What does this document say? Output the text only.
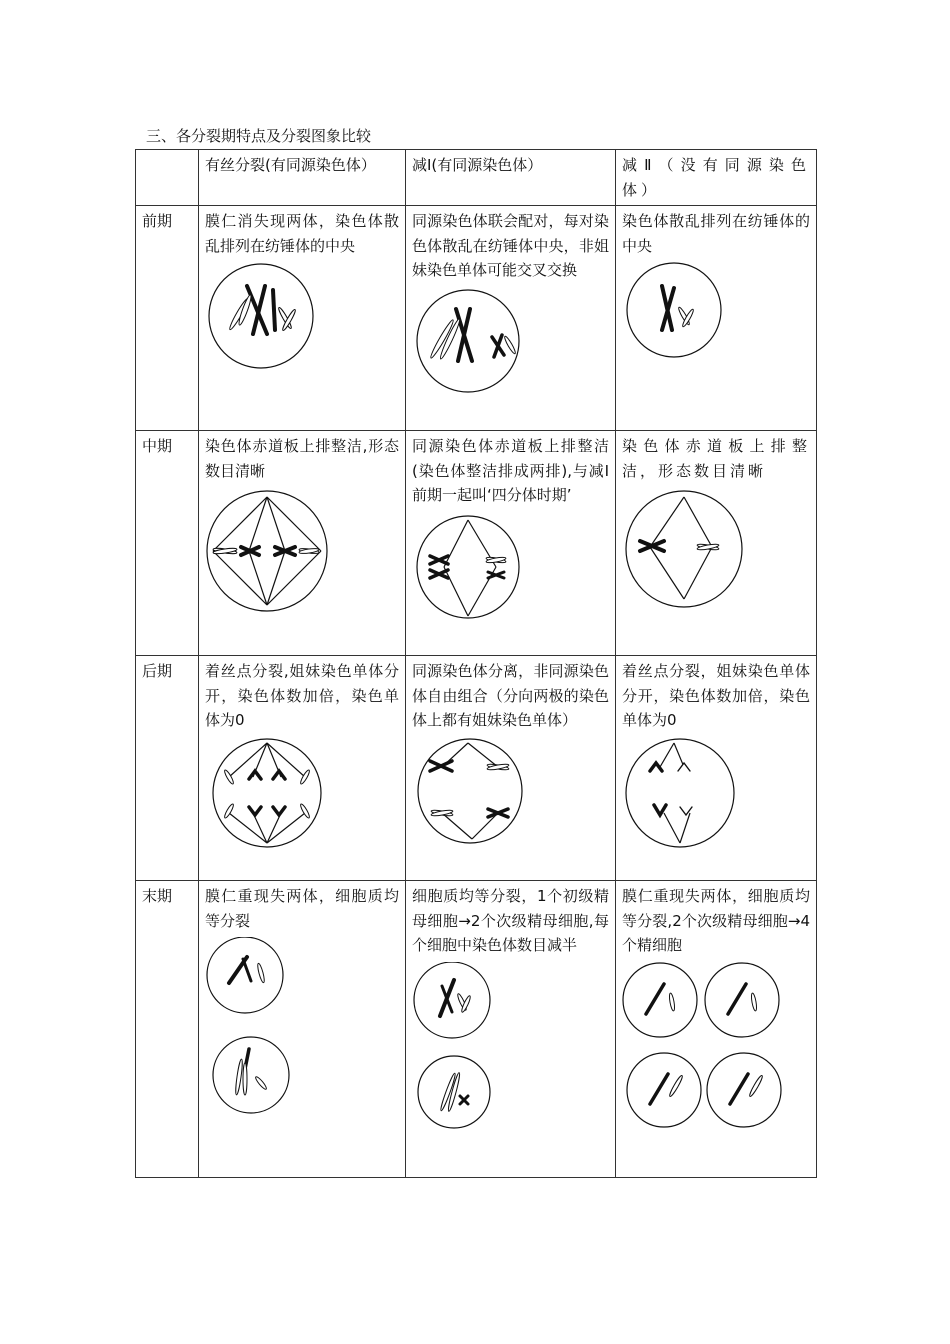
三、各分裂期特点及分裂图象比较
	有丝分裂(有同源染色体）	减Ⅰ(有同源染色体）	减Ⅱ（没有同源染色体）

前期	膜仁消失现两体，染色体散乱排列在纺锤体的中央	同源染色体联会配对，每对染色体散乱在纺锤体中央，非姐妹染色单体可能交叉交换	染色体散乱排列在纺锤体的中央

中期	染色体赤道板上排整洁,形态数目清晰	同源染色体赤道板上排整洁(染色体整洁排成两排),与减Ⅰ前期一起叫‘四分体时期’	染色体赤道板上排整洁，形态数目清晰

后期	着丝点分裂,姐妹染色单体分开，染色体数加倍，染色单体为0	同源染色体分离，非同源染色体自由组合（分向两极的染色体上都有姐妹染色单体）	着丝点分裂，姐妹染色单体分开，染色体数加倍，染色单体为0

末期	膜仁重现失两体，细胞质均等分裂	细胞质均等分裂，1个初级精母细胞→2个次级精母细胞,每个细胞中染色体数目减半	膜仁重现失两体，细胞质均等分裂,2个次级精母细胞→4个精细胞
